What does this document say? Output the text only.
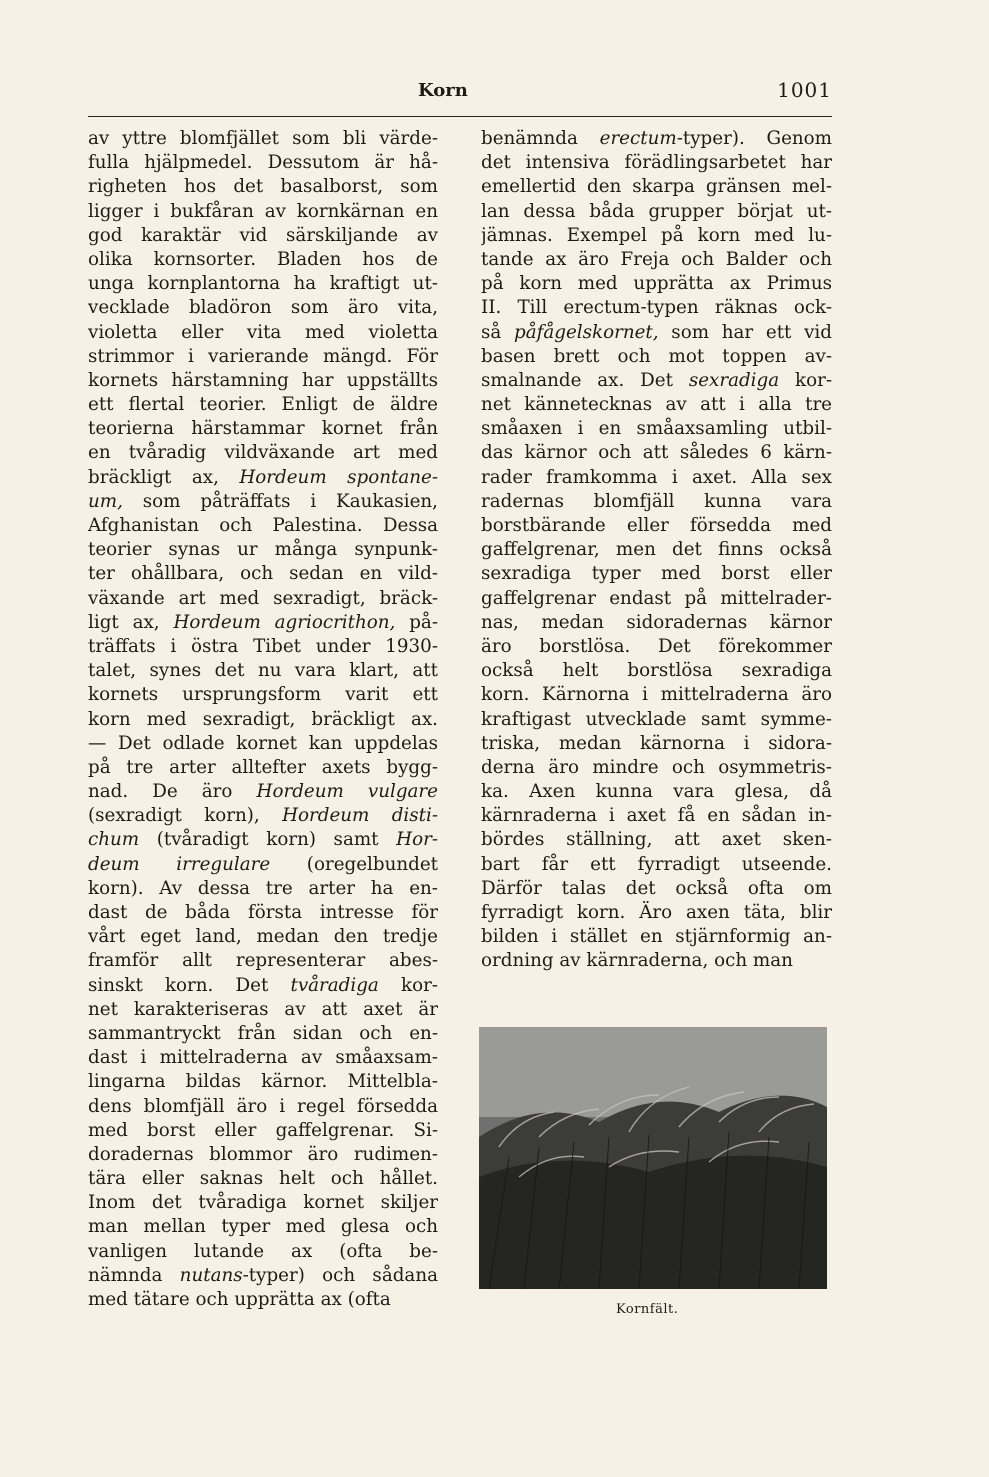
Korn	1001
av yttre blomfjället som bli värde-
fulla hjälpmedel. Dessutom är hå-
righeten hos det basalborst, som
ligger i bukfåran av kornkärnan en
god karaktär vid särskiljande av
olika kornsorter. Bladen hos de
unga kornplantorna ha kraftigt ut-
vecklade bladöron som äro vita,
violetta eller vita med violetta
strimmor i varierande mängd. För
kornets härstamning har uppställts
ett flertal teorier. Enligt de äldre
teorierna härstammar kornet från
en tvåradig vildväxande art med
bräckligt ax, Hordeum spontane-
um, som påträffats i Kaukasien,
Afghanistan och Palestina. Dessa
teorier synas ur många synpunk-
ter ohållbara, och sedan en vild-
växande art med sexradigt, bräck-
ligt ax, Hordeum agriocrithon, på-
träffats i östra Tibet under 1930-
talet, synes det nu vara klart, att
kornets ursprungsform varit ett
korn med sexradigt, bräckligt ax.
— Det odlade kornet kan uppdelas
på tre arter alltefter axets bygg-
nad. De äro Hordeum vulgare
(sexradigt korn), Hordeum disti-
chum (tvåradigt korn) samt Hor-
deum irregulare (oregelbundet
korn). Av dessa tre arter ha en-
dast de båda första intresse för
vårt eget land, medan den tredje
framför allt representerar abes-
sinskt korn. Det tvåradiga kor-
net karakteriseras av att axet är
sammantryckt från sidan och en-
dast i mittelraderna av småaxsam-
lingarna bildas kärnor. Mittelbla-
dens blomfjäll äro i regel försedda
med borst eller gaffelgrenar. Si-
doradernas blommor äro rudimen-
tära eller saknas helt och hållet.
Inom det tvåradiga kornet skiljer
man mellan typer med glesa och
vanligen lutande ax (ofta be-
nämnda nutans-typer) och sådana
med tätare och upprätta ax (ofta
benämnda erectum-typer). Genom
det intensiva förädlingsarbetet har
emellertid den skarpa gränsen mel-
lan dessa båda grupper börjat ut-
jämnas. Exempel på korn med lu-
tande ax äro Freja och Balder och
på korn med upprätta ax Primus
II. Till erectum-typen räknas ock-
så påfågelskornet, som har ett vid
basen brett och mot toppen av-
smalnande ax. Det sexradiga kor-
net kännetecknas av att i alla tre
småaxen i en småaxsamling utbil-
das kärnor och att således 6 kärn-
rader framkomma i axet. Alla sex
radernas blomfjäll kunna vara
borstbärande eller försedda med
gaffelgrenar, men det finns också
sexradiga typer med borst eller
gaffelgrenar endast på mittelrader-
nas, medan sidoradernas kärnor
äro borstlösa. Det förekommer
också helt borstlösa sexradiga
korn. Kärnorna i mittelraderna äro
kraftigast utvecklade samt symme-
triska, medan kärnorna i sidora-
derna äro mindre och osymmetris-
ka. Axen kunna vara glesa, då
kärnraderna i axet få en sådan in-
bördes ställning, att axet sken-
bart får ett fyrradigt utseende.
Därför talas det också ofta om
fyrradigt korn. Äro axen täta, blir
bilden i stället en stjärnformig an-
ordning av kärnraderna, och man
Kornfält.
